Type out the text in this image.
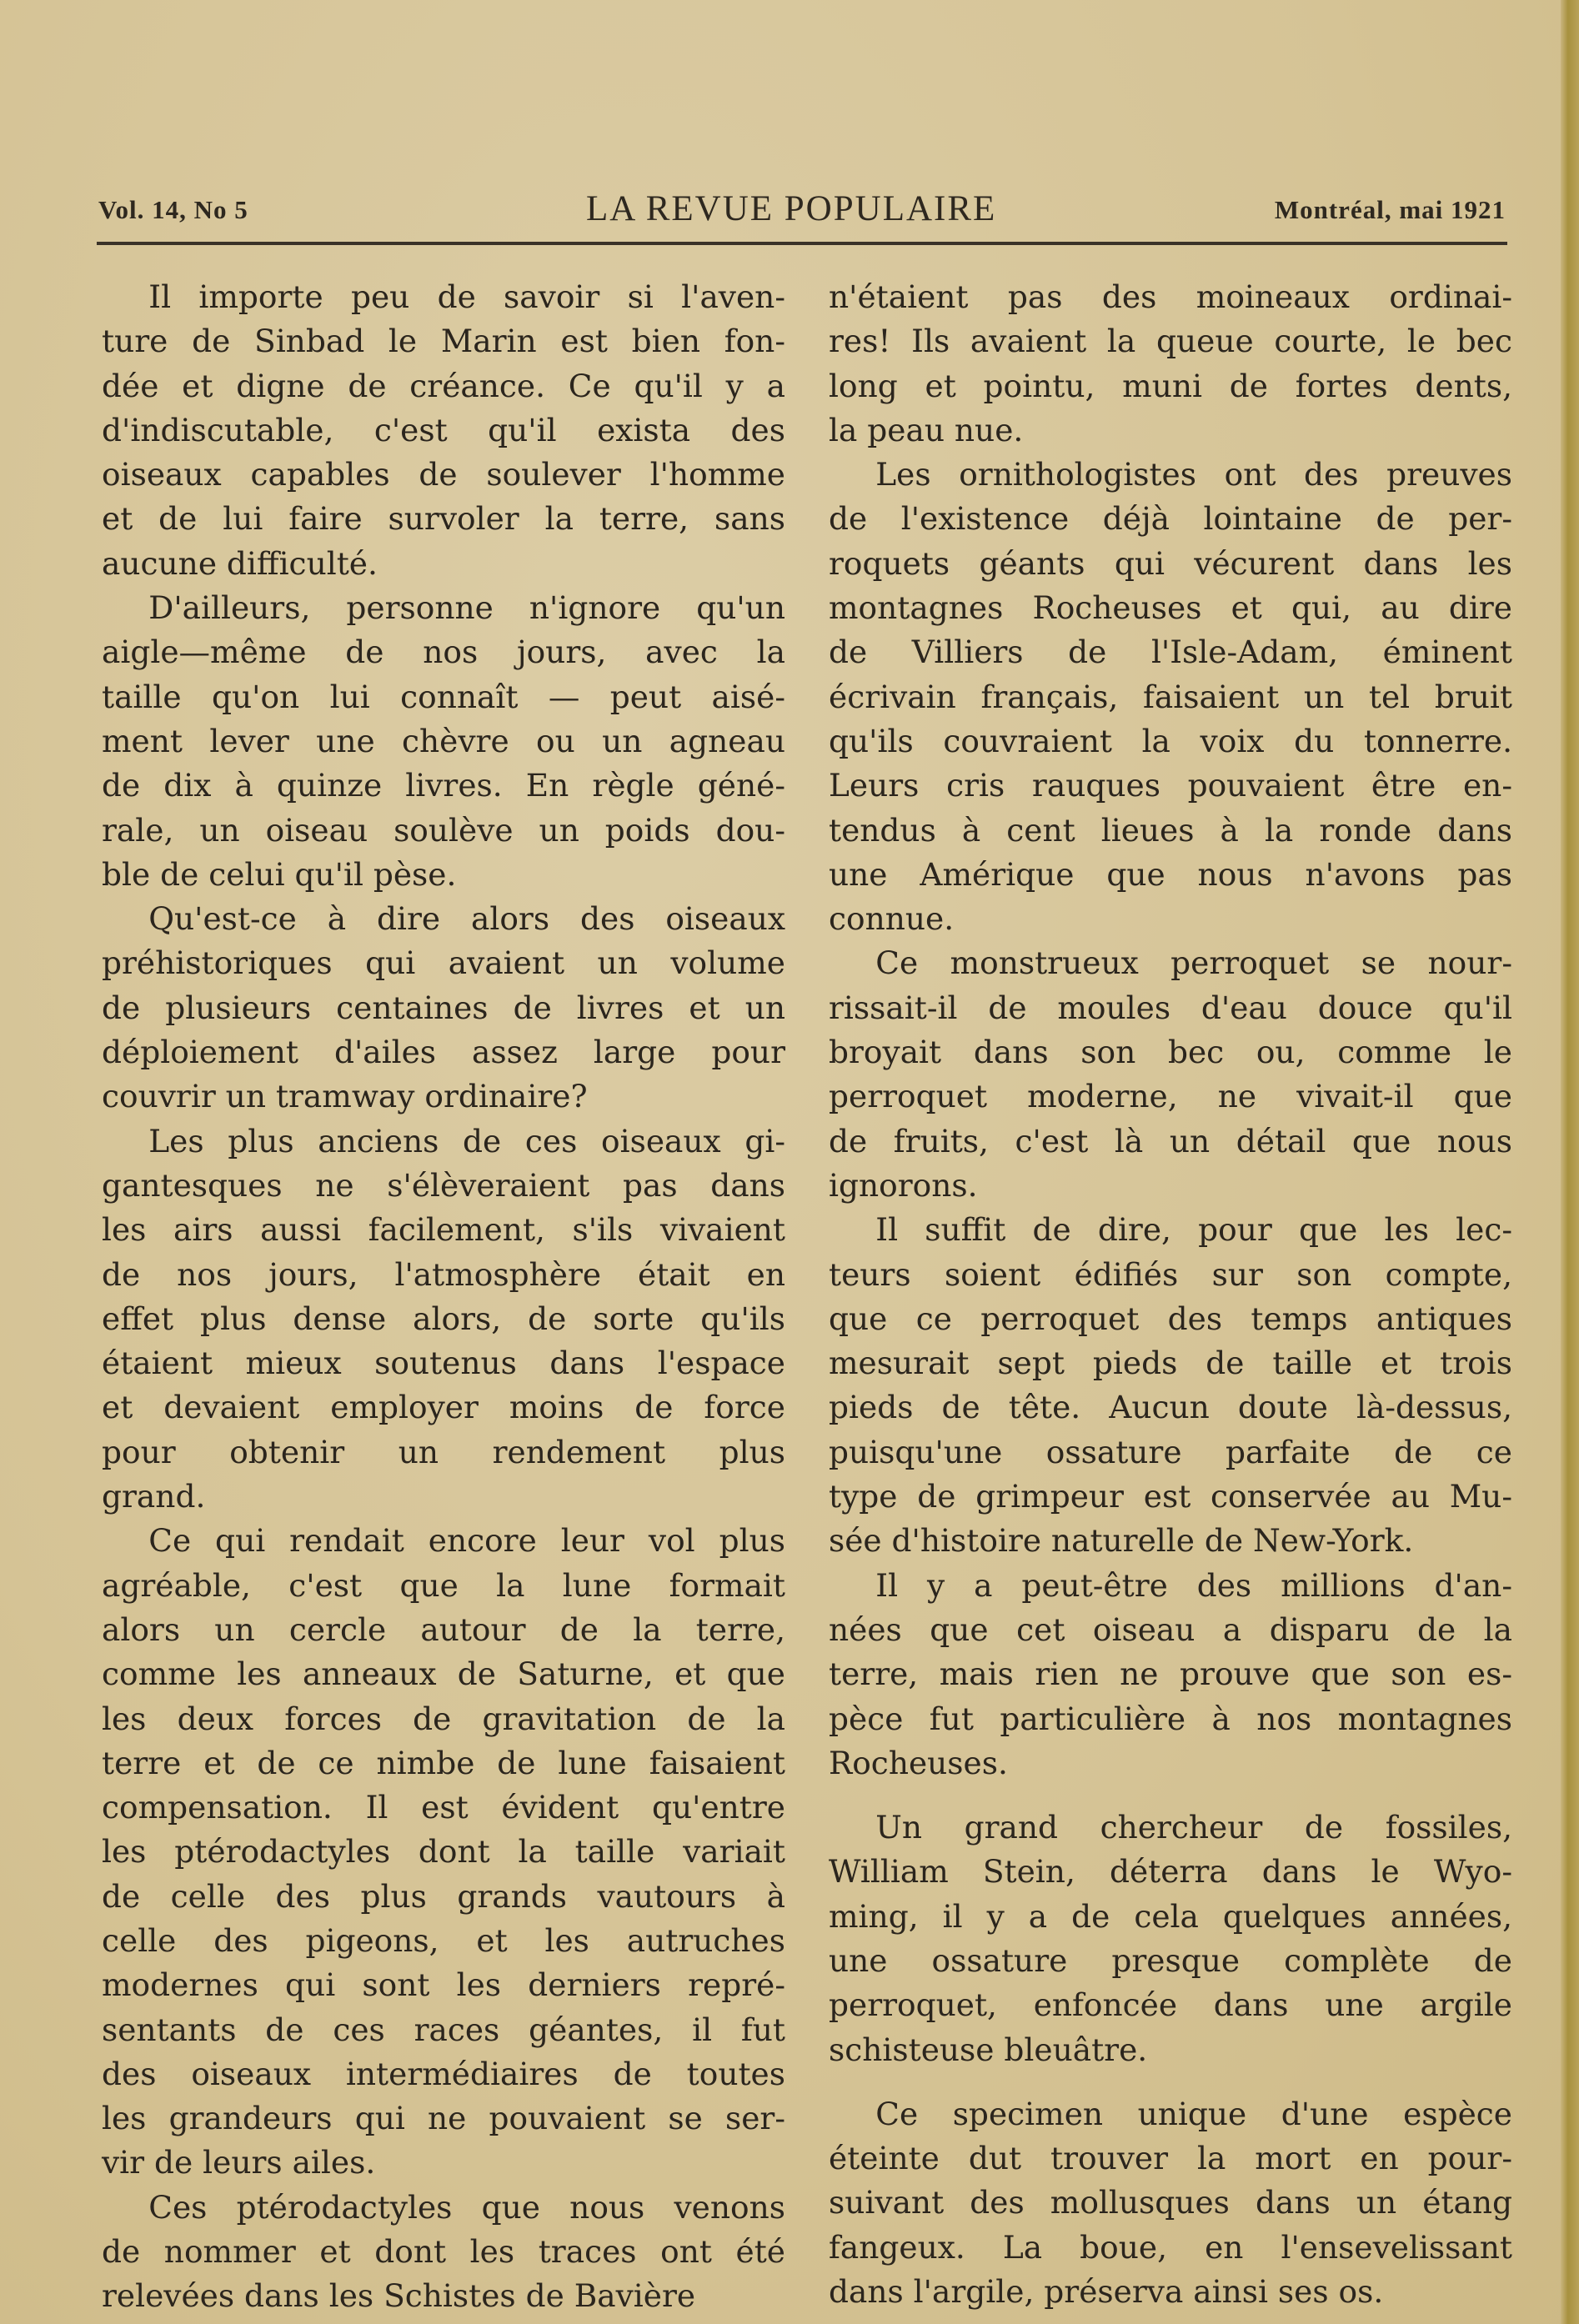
Vol. 14, No 5	LA REVUE POPULAIRE	Montréal, mai 1921

  Il importe peu de savoir si l'aven-
ture de Sinbad le Marin est bien fon-
dée et digne de créance. Ce qu'il y a
d'indiscutable, c'est qu'il exista des
oiseaux capables de soulever l'homme
et de lui faire survoler la terre, sans
aucune difficulté.

  D'ailleurs, personne n'ignore qu'un
aigle—même de nos jours, avec la
taille qu'on lui connaît — peut aisé-
ment lever une chèvre ou un agneau
de dix à quinze livres. En règle géné-
rale, un oiseau soulève un poids dou-
ble de celui qu'il pèse.

  Qu'est-ce à dire alors des oiseaux
préhistoriques qui avaient un volume
de plusieurs centaines de livres et un
déploiement d'ailes assez large pour
couvrir un tramway ordinaire?

  Les plus anciens de ces oiseaux gi-
gantesques ne s'élèveraient pas dans
les airs aussi facilement, s'ils vivaient
de nos jours, l'atmosphère était en
effet plus dense alors, de sorte qu'ils
étaient mieux soutenus dans l'espace
et devaient employer moins de force
pour obtenir un rendement plus
grand.

  Ce qui rendait encore leur vol plus
agréable, c'est que la lune formait
alors un cercle autour de la terre,
comme les anneaux de Saturne, et que
les deux forces de gravitation de la
terre et de ce nimbe de lune faisaient
compensation. Il est évident qu'entre
les ptérodactyles dont la taille variait
de celle des plus grands vautours à
celle des pigeons, et les autruches
modernes qui sont les derniers repré-
sentants de ces races géantes, il fut
des oiseaux intermédiaires de toutes
les grandeurs qui ne pouvaient se ser-
vir de leurs ailes.

  Ces ptérodactyles que nous venons
de nommer et dont les traces ont été
relevées dans les Schistes de Bavière

n'étaient pas des moineaux ordinai-
res! Ils avaient la queue courte, le bec
long et pointu, muni de fortes dents,
la peau nue.

  Les ornithologistes ont des preuves
de l'existence déjà lointaine de per-
roquets géants qui vécurent dans les
montagnes Rocheuses et qui, au dire
de Villiers de l'Isle-Adam, éminent
écrivain français, faisaient un tel bruit
qu'ils couvraient la voix du tonnerre.
Leurs cris rauques pouvaient être en-
tendus à cent lieues à la ronde dans
une Amérique que nous n'avons pas
connue.

  Ce monstrueux perroquet se nour-
rissait-il de moules d'eau douce qu'il
broyait dans son bec ou, comme le
perroquet moderne, ne vivait-il que
de fruits, c'est là un détail que nous
ignorons.

  Il suffit de dire, pour que les lec-
teurs soient édifiés sur son compte,
que ce perroquet des temps antiques
mesurait sept pieds de taille et trois
pieds de tête. Aucun doute là-dessus,
puisqu'une ossature parfaite de ce
type de grimpeur est conservée au Mu-
sée d'histoire naturelle de New-York.

  Il y a peut-être des millions d'an-
nées que cet oiseau a disparu de la
terre, mais rien ne prouve que son es-
pèce fut particulière à nos montagnes
Rocheuses.

  Un grand chercheur de fossiles,
William Stein, déterra dans le Wyo-
ming, il y a de cela quelques années,
une ossature presque complète de
perroquet, enfoncée dans une argile
schisteuse bleuâtre.

  Ce specimen unique d'une espèce
éteinte dut trouver la mort en pour-
suivant des mollusques dans un étang
fangeux. La boue, en l'ensevelissant
dans l'argile, préserva ainsi ses os.
